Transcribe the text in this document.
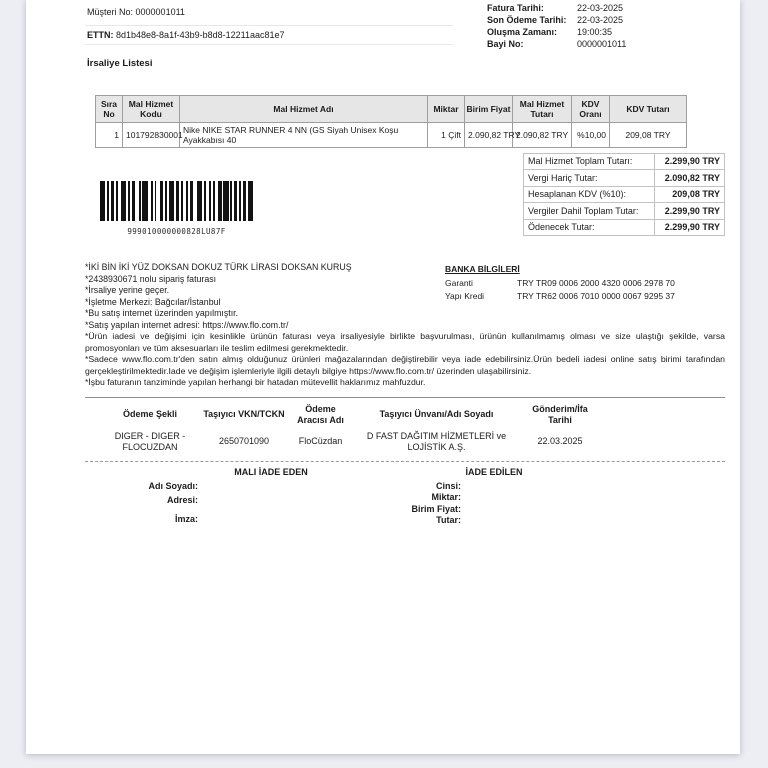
Müşteri No: 0000001011
ETTN: 8d1b48e8-8a1f-43b9-b8d8-12211aac81e7
Fatura Tarihi:	22-03-2025
Son Ödeme Tarihi:	22-03-2025
Oluşma Zamanı:	19:00:35
Bayi No:	0000001011
İrsaliye Listesi
Sıra No	Mal Hizmet Kodu	Mal Hizmet Adı	Miktar	Birim Fiyat	Mal Hizmet Tutarı	KDV Oranı	KDV Tutarı
1	101792830001	Nike NIKE STAR RUNNER 4 NN (GS Siyah Unisex Koşu Ayakkabısı 40	1 Çift	2.090,82 TRY	2.090,82 TRY	%10,00	209,08 TRY
999010000000828LU87F
Mal Hizmet Toplam Tutarı:	2.299,90 TRY
Vergi Hariç Tutar:	2.090,82 TRY
Hesaplanan KDV (%10):	209,08 TRY
Vergiler Dahil Toplam Tutar:	2.299,90 TRY
Ödenecek Tutar:	2.299,90 TRY
*İKİ BİN İKİ YÜZ DOKSAN DOKUZ TÜRK LİRASI DOKSAN KURUŞ
*2438930671 nolu sipariş faturası
*İrsaliye yerine geçer.
*İşletme Merkezi: Bağcılar/İstanbul
*Bu satış internet üzerinden yapılmıştır.
*Satış yapılan internet adresi: https://www.flo.com.tr/
BANKA BİLGİLERİ
Garanti	TRY TR09 0006 2000 4320 0006 2978 70
Yapı Kredi	TRY TR62 0006 7010 0000 0067 9295 37
*Ürün iadesi ve değişimi için kesinlikle ürünün faturası veya irsaliyesiyle birlikte başvurulması, ürünün kullanılmamış olması ve size ulaştığı şekilde, varsa promosyonları ve tüm aksesuarları ile teslim edilmesi gerekmektedir.
*Sadece www.flo.com.tr'den satın almış olduğunuz ürünleri mağazalarından değiştirebilir veya iade edebilirsiniz.Ürün bedeli iadesi online satış birimi tarafından gerçekleştirilmektedir.Iade ve değişim işlemleriyle ilgili detaylı bilgiye https://www.flo.com.tr/ üzerinden ulaşabilirsiniz.
*İşbu faturanın tanziminde yapılan herhangi bir hatadan mütevellit haklarımız mahfuzdur.
Ödeme Şekli	Taşıyıcı VKN/TCKN	Ödeme Aracısı Adı	Taşıyıcı Ünvanı/Adı Soyadı	Gönderim/İfa Tarihi
DIGER - DIGER - FLOCUZDAN	2650701090	FloCüzdan	D FAST DAĞITIM HİZMETLERİ ve LOJİSTİK A.Ş.	22.03.2025
MALI İADE EDEN	İADE EDİLEN
Adı Soyadı:
Adresi:
İmza:
Cinsi:
Miktar:
Birim Fiyat:
Tutar:
